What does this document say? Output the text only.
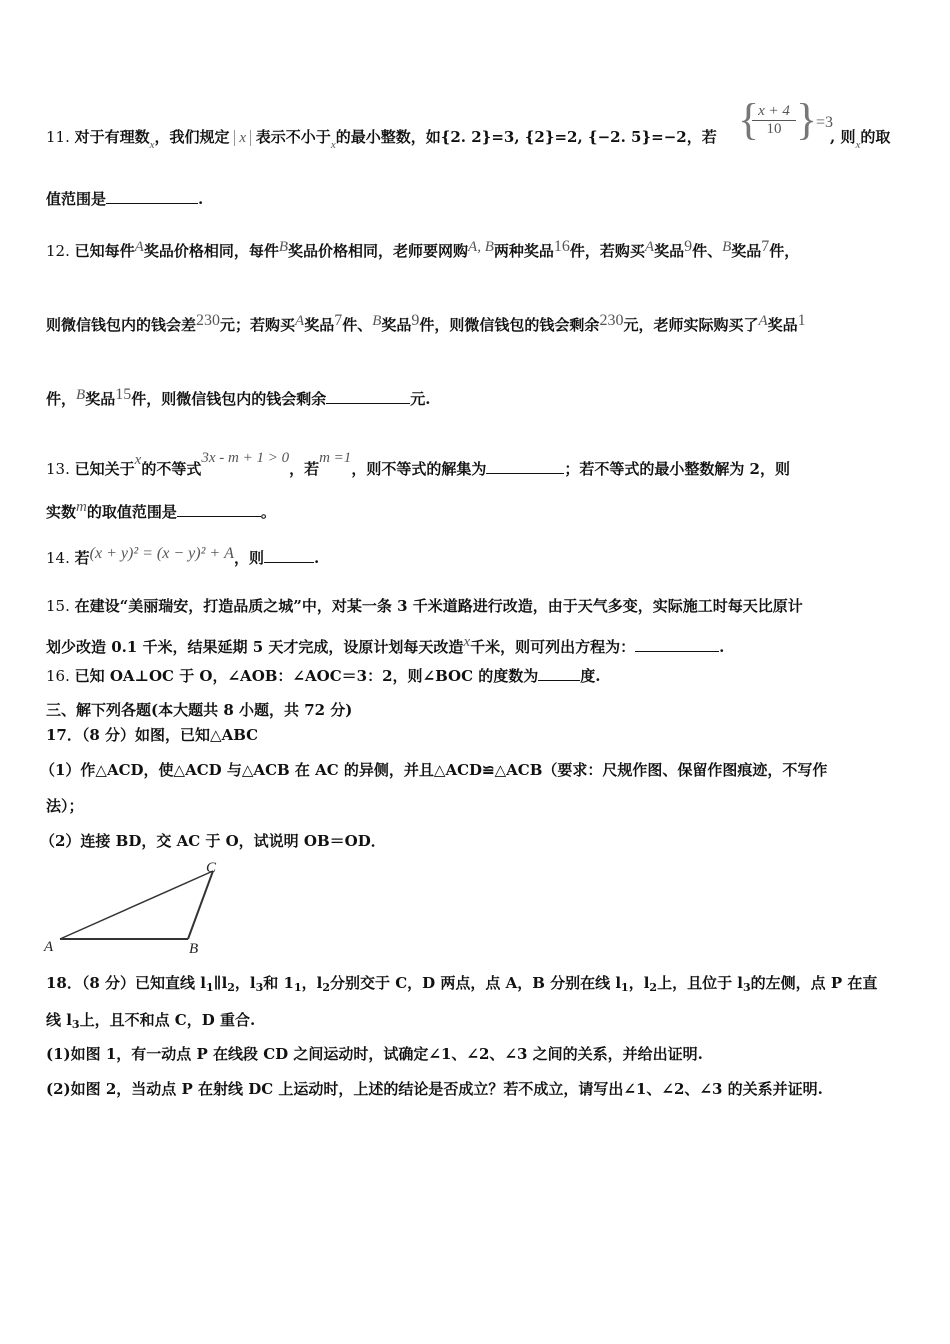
11. 对于有理数$_x$，我们规定 x 表示不小于$_x$的最小整数，如{2. 2}=3, {2}=2, {−2. 5}=−2，若 {
$\frac{x + 4}{10}$ }
=3
, 则$_x$的取
值范围是	.
12. 已知每件A奖品价格相同，每件B奖品价格相同，老师要网购A, B两种奖品16件，若购买A奖品9件、B奖品7件，
则微信钱包内的钱会差230元；若购买A奖品7件、B奖品9件，则微信钱包的钱会剩余230元，老师实际购买了A奖品1
件，B奖品15件，则微信钱包内的钱会剩余	元.
13. 已知关于x的不等式3x - m + 1 > 0，若m =1，则不等式的解集为	；若不等式的最小整数解为 2，则
实数m的取值范围是	。
14. 若(x + y)² = (x − y)² + A，则	.
15. 在建设“美丽瑞安，打造品质之城”中，对某一条 3 千米道路进行改造，由于天气多变，实际施工时每天比原计
划少改造 0.1 千米，结果延期 5 天才完成，设原计划每天改造x千米，则可列出方程为：	.
16. 已知 OA⊥OC 于 O，∠AOB：∠AOC＝3：2，则∠BOC 的度数为	度.
三、解下列各题(本大题共 8 小题，共 72 分)
17．（8 分）如图，已知△ABC
（1）作△ACD，使△ACD 与△ACB 在 AC 的异侧，并且△ACD≌△ACB（要求：尺规作图、保留作图痕迹，不写作
法）；
（2）连接 BD，交 AC 于 O，试说明 OB＝OD．
A	B
C
18．（8 分）已知直线 $l_1\parallel l_2$，$l_3$和 $1_1$，$l_2$分别交于 C，D 两点，点 A，B 分别在线 $l_1$，$l_2$上，且位于 $l_3$的左侧，点 P 在直
线 $l_3$上，且不和点 C，D 重合.
(1)如图 1，有一动点 P 在线段 CD 之间运动时，试确定∠1、∠2、∠3 之间的关系，并给出证明.
(2)如图 2，当动点 P 在射线 DC 上运动时，上述的结论是否成立？若不成立，请写出∠1、∠2、∠3 的关系并证明.
